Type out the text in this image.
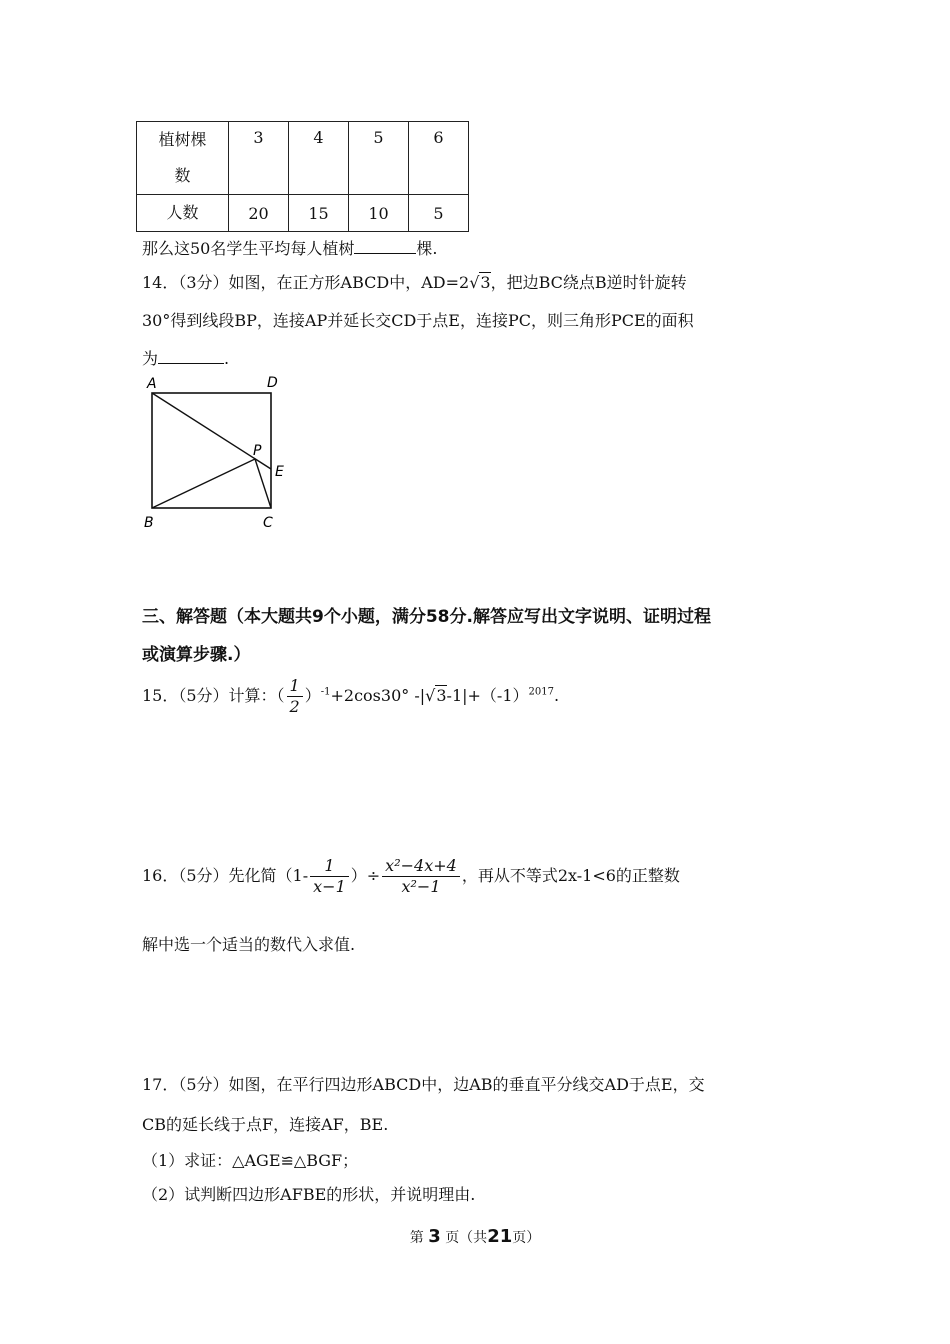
植树棵
数	3	4	5	6
人数	20	15	10	5
那么这50名学生平均每人植树	棵.
14．（3分）如图，在正方形ABCD中，AD=2√3，把边BC绕点B逆时针旋转
30°得到线段BP，连接AP并延长交CD于点E，连接PC，则三角形PCE的面积
为	.
A	D
P
E
B	C
三、解答题（本大题共9个小题，满分58分.解答应写出文字说明、证明过程
或演算步骤.）
15．（5分）计算：（ $\frac{1}{2} )^{-1}+2\cos 30^\circ$ $-|√3-1|+(-1)^{2017}$.
16．（5分）先化简（$1- \frac{1}{x-1}$ ）÷ $\frac{\text{x²−4x+4}}{\text{x²−1}}$ ，再从不等式2x-1<6的正整数
解中选一个适当的数代入求值.
17．（5分）如图，在平行四边形ABCD中，边AB的垂直平分线交AD于点E，交
CB的延长线于点F，连接AF，BE.
（1）求证：△AGE≌△BGF；
（2）试判断四边形AFBE的形状，并说明理由.
第 3 页（共21页）
